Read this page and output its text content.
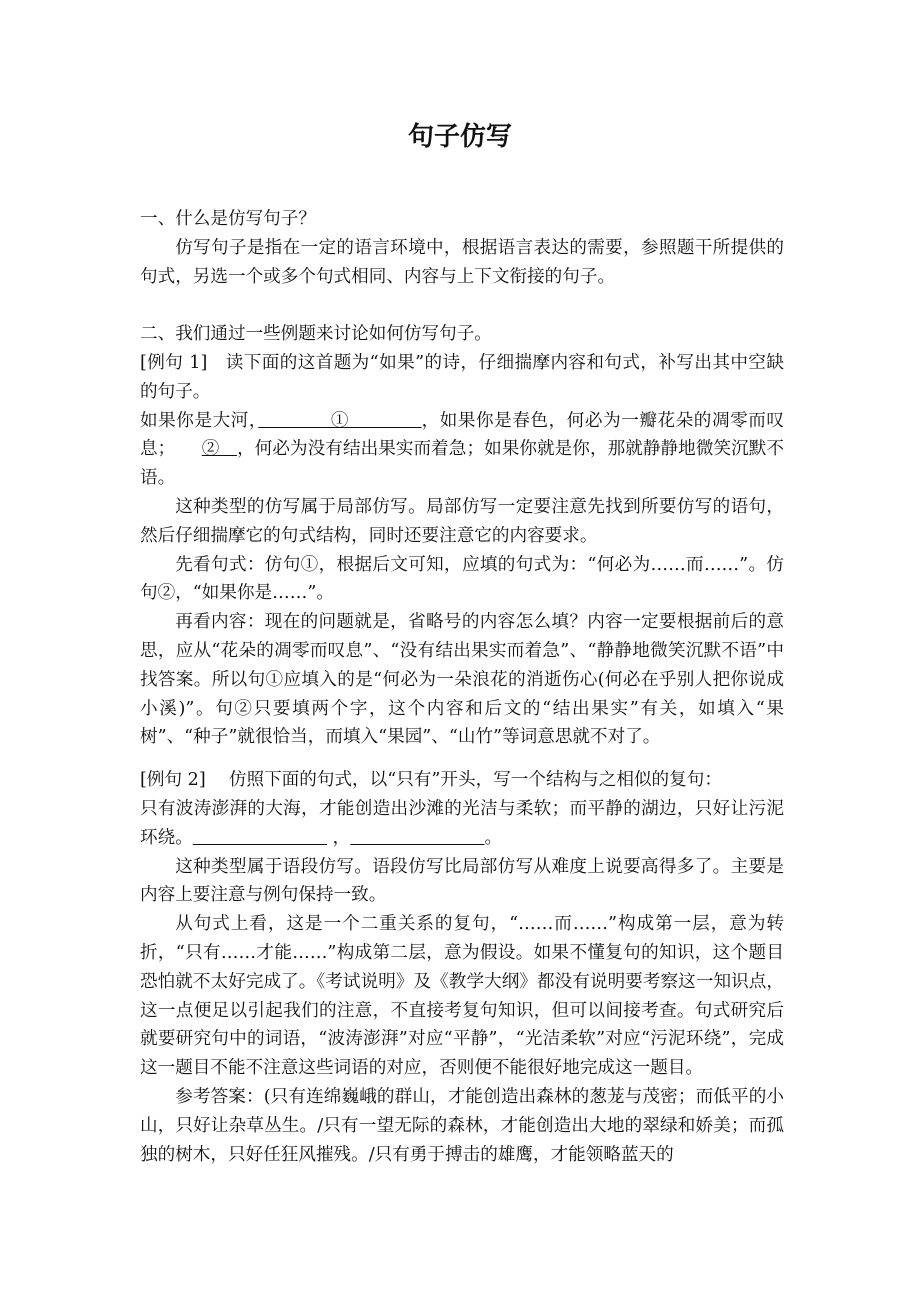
句子仿写

一、什么是仿写句子？

仿写句子是指在一定的语言环境中，根据语言表达的需要，参照题干所提供的句式，另选一个或多个句式相同、内容与上下文衔接的句子。

二、我们通过一些例题来讨论如何仿写句子。

[例句 1]　读下面的这首题为“如果”的诗，仔细揣摩内容和句式，补写出其中空缺的句子。

如果你是大河，　　　　①　　　　，如果你是春色，何必为一瓣花朵的凋零而叹息；　　②　，何必为没有结出果实而着急；如果你就是你，那就静静地微笑沉默不语。

这种类型的仿写属于局部仿写。局部仿写一定要注意先找到所要仿写的语句，然后仔细揣摩它的句式结构，同时还要注意它的内容要求。

先看句式：仿句①，根据后文可知，应填的句式为：“何必为……而……”。仿句②，“如果你是……”。

再看内容：现在的问题就是，省略号的内容怎么填？内容一定要根据前后的意思，应从“花朵的凋零而叹息”、“没有结出果实而着急”、“静静地微笑沉默不语”中找答案。所以句①应填入的是“何必为一朵浪花的消逝伤心(何必在乎别人把你说成小溪)”。句②只要填两个字，这个内容和后文的“结出果实”有关，如填入“果树”、“种子”就很恰当，而填入“果园”、“山竹”等词意思就不对了。

[例句 2]　 仿照下面的句式，以“只有”开头，写一个结构与之相似的复句：

只有波涛澎湃的大海，才能创造出沙滩的光洁与柔软；而平静的湖边，只好让污泥环绕。	，	。

这种类型属于语段仿写。语段仿写比局部仿写从难度上说要高得多了。主要是内容上要注意与例句保持一致。

从句式上看，这是一个二重关系的复句，“……而……”构成第一层，意为转折，“只有……才能……”构成第二层，意为假设。如果不懂复句的知识，这个题目恐怕就不太好完成了。《考试说明》及《教学大纲》都没有说明要考察这一知识点，这一点便足以引起我们的注意，不直接考复句知识，但可以间接考查。句式研究后就要研究句中的词语，“波涛澎湃”对应“平静”，“光洁柔软”对应“污泥环绕”，完成这一题目不能不注意这些词语的对应，否则便不能很好地完成这一题目。

参考答案：(只有连绵巍峨的群山，才能创造出森林的葱茏与茂密；而低平的小山，只好让杂草丛生。/只有一望无际的森林，才能创造出大地的翠绿和娇美；而孤独的树木，只好任狂风摧残。/只有勇于搏击的雄鹰，才能领略蓝天的
